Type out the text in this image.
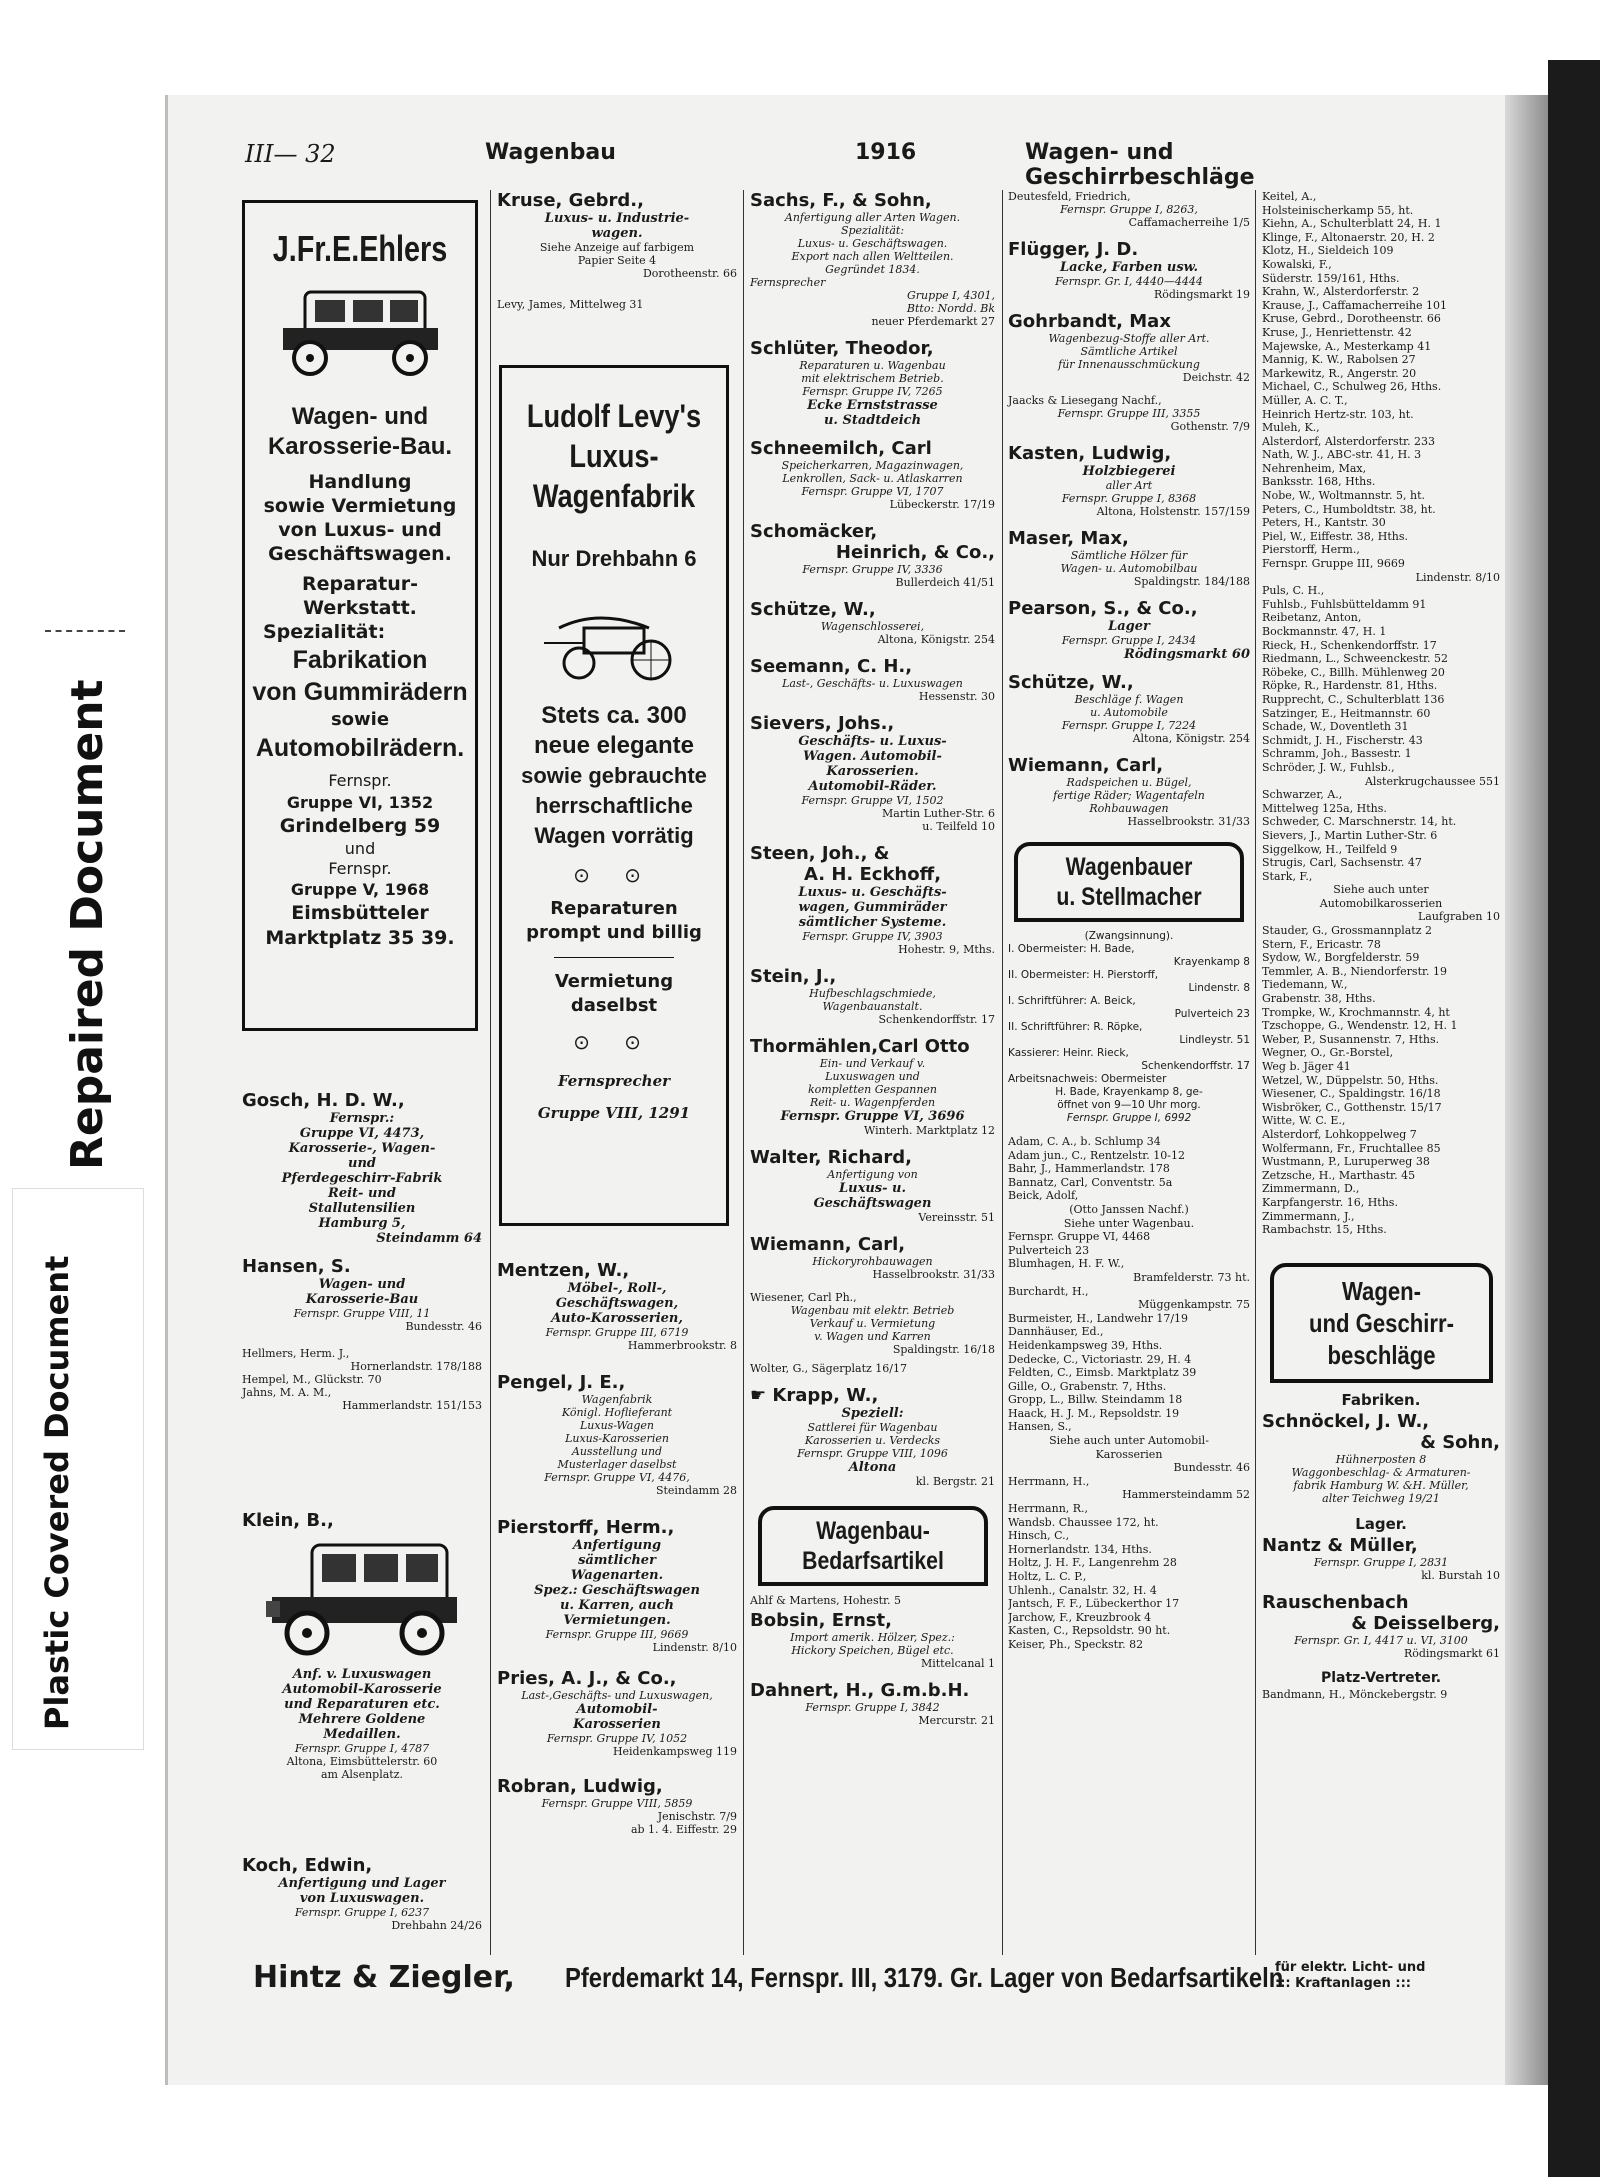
Repaired Document
Plastic Covered Document
III— 32	Wagenbau	1916	Wagen- und Geschirrbeschläge
J.Fr.E.Ehlers
Wagen- und
Karosserie-Bau.
Handlung
sowie Vermietung
von Luxus- und
Geschäftswagen.
Reparatur-
Werkstatt.
Spezialität:
Fabrikation
von Gummirädern
sowie
Automobilrädern.
Fernspr.
Gruppe VI, 1352
Grindelberg 59
und
Fernspr.
Gruppe V, 1968
Eimsbütteler
Marktplatz 35 39.
Gosch, H. D. W.,
Fernspr.:
Gruppe VI, 4473,
Karosserie-, Wagen-
und
Pferdegeschirr-Fabrik
Reit- und
Stallutensilien
Hamburg 5,
Steindamm 64
Hansen, S.
Wagen- und
Karosserie-Bau
Fernspr. Gruppe VIII, 11
Bundesstr. 46
Hellmers, Herm. J.,
Hornerlandstr. 178/188
Hempel, M., Glückstr. 70
Jahns, M. A. M.,
Hammerlandstr. 151/153
Klein, B.,
Anf. v. Luxuswagen
Automobil-Karosserie
und Reparaturen etc.
Mehrere Goldene
Medaillen.
Fernspr. Gruppe I, 4787
Altona, Eimsbüttelerstr. 60
am Alsenplatz.
Koch, Edwin,
Anfertigung und Lager
von Luxuswagen.
Fernspr. Gruppe I, 6237
Drehbahn 24/26
Kruse, Gebrd.,
Luxus- u. Industrie-
wagen.
Siehe Anzeige auf farbigem
Papier Seite 4
Dorotheenstr. 66
Levy, James, Mittelweg 31
Ludolf Levy's
Luxus-
Wagenfabrik
Nur Drehbahn 6
Stets ca. 300
neue elegante
sowie gebrauchte
herrschaftliche
Wagen vorrätig
⊙ ⊙
Reparaturen
prompt und billig
Vermietung
daselbst
⊙ ⊙
Fernsprecher
Gruppe VIII, 1291
Mentzen, W.,
Möbel-, Roll-,
Geschäftswagen,
Auto-Karosserien,
Fernspr. Gruppe III, 6719
Hammerbrookstr. 8
Pengel, J. E.,
Wagenfabrik
Königl. Hoflieferant
Luxus-Wagen
Luxus-Karosserien
Ausstellung und
Musterlager daselbst
Fernspr. Gruppe VI, 4476,
Steindamm 28
Pierstorff, Herm.,
Anfertigung
sämtlicher
Wagenarten.
Spez.: Geschäftswagen
u. Karren, auch
Vermietungen.
Fernspr. Gruppe III, 9669
Lindenstr. 8/10
Pries, A. J., & Co.,
Last-,Geschäfts- und Luxuswagen,
Automobil-
Karosserien
Fernspr. Gruppe IV, 1052
Heidenkampsweg 119
Robran, Ludwig,
Fernspr. Gruppe VIII, 5859
Jenischstr. 7/9
ab 1. 4. Eiffestr. 29
Sachs, F., & Sohn,
Anfertigung aller Arten Wagen.
Spezialität:
Luxus- u. Geschäftswagen.
Export nach allen Weltteilen.
Gegründet 1834.
Fernsprecher
Gruppe I, 4301,
Btto: Nordd. Bk
neuer Pferdemarkt 27
Schlüter, Theodor,
Reparaturen u. Wagenbau
mit elektrischem Betrieb.
Fernspr. Gruppe IV, 7265
Ecke Ernststrasse
u. Stadtdeich
Schneemilch, Carl
Speicherkarren, Magazinwagen,
Lenkrollen, Sack- u. Atlaskarren
Fernspr. Gruppe VI, 1707
Lübeckerstr. 17/19
Schomäcker,
Heinrich, & Co.,
Fernspr. Gruppe IV, 3336
Bullerdeich 41/51
Schütze, W.,
Wagenschlosserei,
Altona, Königstr. 254
Seemann, C. H.,
Last-, Geschäfts- u. Luxuswagen
Hessenstr. 30
Sievers, Johs.,
Geschäfts- u. Luxus-
Wagen. Automobil-
Karosserien.
Automobil-Räder.
Fernspr. Gruppe VI, 1502
Martin Luther-Str. 6
u. Teilfeld 10
Steen, Joh., &
A. H. Eckhoff,
Luxus- u. Geschäfts-
wagen, Gummiräder
sämtlicher Systeme.
Fernspr. Gruppe IV, 3903
Hohestr. 9, Mths.
Stein, J.,
Hufbeschlagschmiede,
Wagenbauanstalt.
Schenkendorffstr. 17
Thormählen,Carl Otto
Ein- und Verkauf v.
Luxuswagen und
kompletten Gespannen
Reit- u. Wagenpferden
Fernspr. Gruppe VI, 3696
Winterh. Marktplatz 12
Walter, Richard,
Anfertigung von
Luxus- u.
Geschäftswagen
Vereinsstr. 51
Wiemann, Carl,
Hickoryrohbauwagen
Hasselbrookstr. 31/33
Wiesener, Carl Ph.,
Wagenbau mit elektr. Betrieb
Verkauf u. Vermietung
v. Wagen und Karren
Spaldingstr. 16/18
Wolter, G., Sägerplatz 16/17
☛ Krapp, W.,
Speziell:
Sattlerei für Wagenbau
Karosserien u. Verdecks
Fernspr. Gruppe VIII, 1096
Altona
kl. Bergstr. 21
Wagenbau-
Bedarfsartikel
Ahlf & Martens, Hohestr. 5
Bobsin, Ernst,
Import amerik. Hölzer, Spez.:
Hickory Speichen, Bügel etc.
Mittelcanal 1
Dahnert, H., G.m.b.H.
Fernspr. Gruppe I, 3842
Mercurstr. 21
Deutesfeld, Friedrich,
Fernspr. Gruppe I, 8263,
Caffamacherreihe 1/5
Flügger, J. D.
Lacke, Farben usw.
Fernspr. Gr. I, 4440—4444
Rödingsmarkt 19
Gohrbandt, Max
Wagenbezug-Stoffe aller Art.
Sämtliche Artikel
für Innenausschmückung
Deichstr. 42
Jaacks & Liesegang Nachf.,
Fernspr. Gruppe III, 3355
Gothenstr. 7/9
Kasten, Ludwig,
Holzbiegerei
aller Art
Fernspr. Gruppe I, 8368
Altona, Holstenstr. 157/159
Maser, Max,
Sämtliche Hölzer für
Wagen- u. Automobilbau
Spaldingstr. 184/188
Pearson, S., & Co.,
Lager
Fernspr. Gruppe I, 2434
Rödingsmarkt 60
Schütze, W.,
Beschläge f. Wagen
u. Automobile
Fernspr. Gruppe I, 7224
Altona, Königstr. 254
Wiemann, Carl,
Radspeichen u. Bügel,
fertige Räder; Wagentafeln
Rohbauwagen
Hasselbrookstr. 31/33
Wagenbauer
u. Stellmacher
(Zwangsinnung).
I. Obermeister: H. Bade,
Krayenkamp 8
II. Obermeister: H. Pierstorff,
Lindenstr. 8
I. Schriftführer: A. Beick,
Pulverteich 23
II. Schriftführer: R. Röpke,
Lindleystr. 51
Kassierer: Heinr. Rieck,
Schenkendorffstr. 17
Arbeitsnachweis: Obermeister
H. Bade, Krayenkamp 8, ge-
öffnet von 9—10 Uhr morg.
Fernspr. Gruppe I, 6992
Adam, C. A., b. Schlump 34
Adam jun., C., Rentzelstr. 10-12
Bahr, J., Hammerlandstr. 178
Bannatz, Carl, Conventstr. 5a
Beick, Adolf,
(Otto Janssen Nachf.)
Siehe unter Wagenbau.
Fernspr. Gruppe VI, 4468
Pulverteich 23
Blumhagen, H. F. W.,
Bramfelderstr. 73 ht.
Burchardt, H.,
Müggenkampstr. 75
Burmeister, H., Landwehr 17/19
Dannhäuser, Ed.,
Heidenkampsweg 39, Hths.
Dedecke, C., Victoriastr. 29, H. 4
Feldten, C., Eimsb. Marktplatz 39
Gille, O., Grabenstr. 7, Hths.
Gropp, L., Billw. Steindamm 18
Haack, H. J. M., Repsoldstr. 19
Hansen, S.,
Siehe auch unter Automobil-
Karosserien
Bundesstr. 46
Herrmann, H.,
Hammersteindamm 52
Herrmann, R.,
Wandsb. Chaussee 172, ht.
Hinsch, C.,
Hornerlandstr. 134, Hths.
Holtz, J. H. F., Langenrehm 28
Holtz, L. C. P.,
Uhlenh., Canalstr. 32, H. 4
Jantsch, F. F., Lübeckerthor 17
Jarchow, F., Kreuzbrook 4
Kasten, C., Repsoldstr. 90 ht.
Keiser, Ph., Speckstr. 82
Keitel, A.,
Holsteinischerkamp 55, ht.
Kiehn, A., Schulterblatt 24, H. 1
Klinge, F., Altonaerstr. 20, H. 2
Klotz, H., Sieldeich 109
Kowalski, F.,
Süderstr. 159/161, Hths.
Krahn, W., Alsterdorferstr. 2
Krause, J., Caffamacherreihe 101
Kruse, Gebrd., Dorotheenstr. 66
Kruse, J., Henriettenstr. 42
Majewske, A., Mesterkamp 41
Mannig, K. W., Rabolsen 27
Markewitz, R., Angerstr. 20
Michael, C., Schulweg 26, Hths.
Müller, A. C. T.,
Heinrich Hertz-str. 103, ht.
Muleh, K.,
Alsterdorf, Alsterdorferstr. 233
Nath, W. J., ABC-str. 41, H. 3
Nehrenheim, Max,
Banksstr. 168, Hths.
Nobe, W., Woltmannstr. 5, ht.
Peters, C., Humboldtstr. 38, ht.
Peters, H., Kantstr. 30
Piel, W., Eiffestr. 38, Hths.
Pierstorff, Herm.,
Fernspr. Gruppe III, 9669
Lindenstr. 8/10
Puls, C. H.,
Fuhlsb., Fuhlsbütteldamm 91
Reibetanz, Anton,
Bockmannstr. 47, H. 1
Rieck, H., Schenkendorffstr. 17
Riedmann, L., Schweenckestr. 52
Röbeke, C., Billh. Mühlenweg 20
Röpke, R., Hardenstr. 81, Hths.
Rupprecht, C., Schulterblatt 136
Satzinger, E., Heitmannstr. 60
Schade, W., Doventleth 31
Schmidt, J. H., Fischerstr. 43
Schramm, Joh., Bassestr. 1
Schröder, J. W., Fuhlsb.,
Alsterkrugchaussee 551
Schwarzer, A.,
Mittelweg 125a, Hths.
Schweder, C. Marschnerstr. 14, ht.
Sievers, J., Martin Luther-Str. 6
Siggelkow, H., Teilfeld 9
Strugis, Carl, Sachsenstr. 47
Stark, F.,
Siehe auch unter
Automobilkarosserien
Laufgraben 10
Stauder, G., Grossmannplatz 2
Stern, F., Ericastr. 78
Sydow, W., Borgfelderstr. 59
Temmler, A. B., Niendorferstr. 19
Tiedemann, W.,
Grabenstr. 38, Hths.
Trompke, W., Krochmannstr. 4, ht
Tzschoppe, G., Wendenstr. 12, H. 1
Weber, P., Susannenstr. 7, Hths.
Wegner, O., Gr.-Borstel,
Weg b. Jäger 41
Wetzel, W., Düppelstr. 50, Hths.
Wiesener, C., Spaldingstr. 16/18
Wisbröker, C., Gotthenstr. 15/17
Witte, W. C. E.,
Alsterdorf, Lohkoppelweg 7
Wolfermann, Fr., Fruchtallee 85
Wustmann, P., Luruperweg 38
Zetzsche, H., Marthastr. 45
Zimmermann, D.,
Karpfangerstr. 16, Hths.
Zimmermann, J.,
Rambachstr. 15, Hths.
Wagen-
und Geschirr-
beschläge
Fabriken.
Schnöckel, J. W.,
& Sohn,
Hühnerposten 8
Waggonbeschlag- & Armaturen-
fabrik Hamburg W. &H. Müller,
alter Teichweg 19/21
Lager.
Nantz & Müller,
Fernspr. Gruppe I, 2831
kl. Burstah 10
Rauschenbach
& Deisselberg,
Fernspr. Gr. I, 4417 u. VI, 3100
Rödingsmarkt 61
Platz-Vertreter.
Bandmann, H., Mönckebergstr. 9
Hintz & Ziegler, Pferdemarkt 14, Fernspr. III, 3179. Gr. Lager von Bedarfsartikeln
für elektr. Licht- und
::: Kraftanlagen :::
